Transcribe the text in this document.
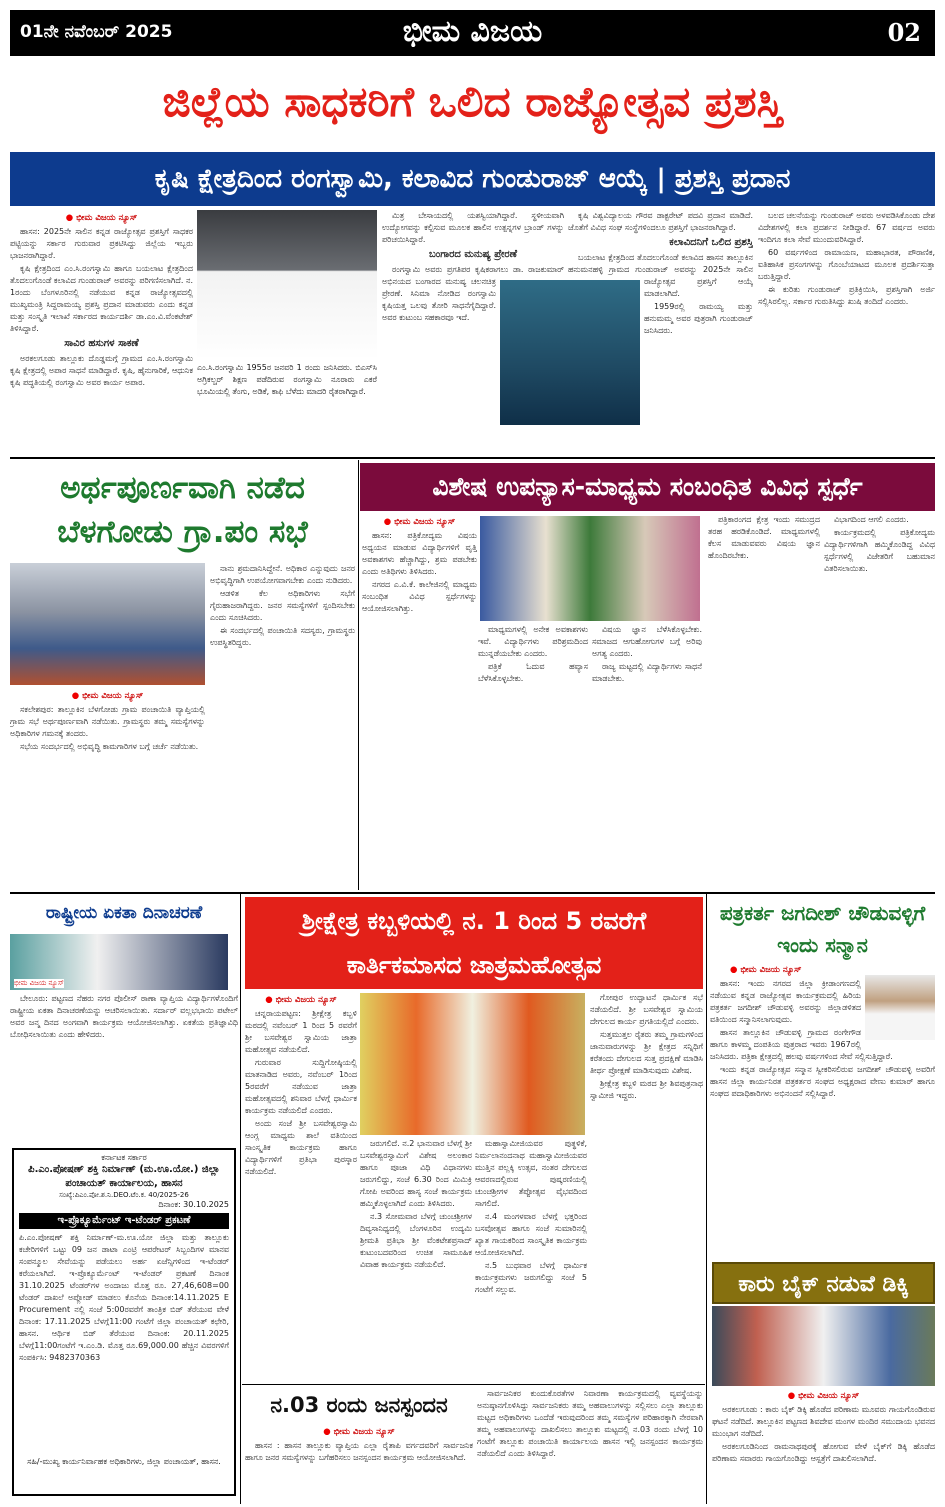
01ನೇ ನವೆಂಬರ್ 2025	ಭೀಮ ವಿಜಯ	02
ಜಿಲ್ಲೆಯ ಸಾಧಕರಿಗೆ ಒಲಿದ ರಾಜ್ಯೋತ್ಸವ ಪ್ರಶಸ್ತಿ
ಕೃಷಿ ಕ್ಷೇತ್ರದಿಂದ ರಂಗಸ್ವಾಮಿ, ಕಲಾವಿದ ಗುಂಡುರಾಜ್ ಆಯ್ಕೆ | ಪ್ರಶಸ್ತಿ ಪ್ರದಾನ
● ಭೀಮ ವಿಜಯ ನ್ಯೂಸ್

ಹಾಸನ: 2025ನೇ ಸಾಲಿನ ಕನ್ನಡ ರಾಜ್ಯೋತ್ಸವ ಪ್ರಶಸ್ತಿಗೆ ಸಾಧಕರ ಪಟ್ಟಿಯನ್ನು ಸರ್ಕಾರ ಗುರುವಾರ ಪ್ರಕಟಿಸಿದ್ದು ಜಿಲ್ಲೆಯ ಇಬ್ಬರು ಭಾಜನರಾಗಿದ್ದಾರೆ.

ಕೃಷಿ ಕ್ಷೇತ್ರದಿಂದ ಎಂ.ಸಿ.ರಂಗಸ್ವಾಮಿ ಹಾಗೂ ಬಯಲಾಟ ಕ್ಷೇತ್ರದಿಂದ ತೊದಲುಗೊಂಡೆ ಕಲಾವಿದ ಗುಂಡುರಾಜ್ ಅವರನ್ನು ಪರಿಗಣಿಸಲಾಗಿದೆ. ನ. 1ರಂದು ಬೆಂಗಳೂರಿನಲ್ಲಿ ನಡೆಯುವ ಕನ್ನಡ ರಾಜ್ಯೋತ್ಸವದಲ್ಲಿ ಮುಖ್ಯಮಂತ್ರಿ ಸಿದ್ದರಾಮಯ್ಯ ಪ್ರಶಸ್ತಿ ಪ್ರದಾನ ಮಾಡುವರು ಎಂದು ಕನ್ನಡ ಮತ್ತು ಸಂಸ್ಕೃತಿ ಇಲಾಖೆ ಸರ್ಕಾರದ ಕಾರ್ಯದರ್ಶಿ ಡಾ.ಎಂ.ವಿ.ವೆಂಕಟೇಶ್ ತಿಳಿಸಿದ್ದಾರೆ.

ಸಾವಿರ ಹಸುಗಳ ಸಾಕಣೆ

ಅರಕಲಗೂಡು ತಾಲ್ಲೂಕು ದೊಡ್ಡಮಗ್ಗೆ ಗ್ರಾಮದ ಎಂ.ಸಿ.ರಂಗಸ್ವಾಮಿ ಕೃಷಿ ಕ್ಷೇತ್ರದಲ್ಲಿ ಅಪಾರ ಸಾಧನೆ ಮಾಡಿದ್ದಾರೆ. ಕೃಷಿ, ಹೈನುಗಾರಿಕೆ, ಆಧುನಿಕ ಕೃಷಿ ಪದ್ಧತಿಯಲ್ಲಿ ರಂಗಸ್ವಾಮಿ ಅವರ ಕಾರ್ಯ ಅಪಾರ.

ಎಂ.ಸಿ.ರಂಗಸ್ವಾಮಿ 1955ರ ಜನವರಿ 1 ರಂದು ಜನಿಸಿದರು. ಬಿಎಸ್‌ಸಿ ಅಗ್ರಿಕಲ್ಚರ್ ಶಿಕ್ಷಣ ಪಡೆದಿರುವ ರಂಗಸ್ವಾಮಿ ನೂರಾರು ಎಕರೆ ಭೂಮಿಯಲ್ಲಿ ತೆಂಗು, ಅಡಿಕೆ, ಕಾಫಿ ಬೆಳೆದು ಮಾದರಿ ರೈತರಾಗಿದ್ದಾರೆ.

ಮಿತ್ರ ಬೇಸಾಯದಲ್ಲಿ ಯಶಸ್ವಿಯಾಗಿದ್ದಾರೆ. ಸ್ಥಳೀಯವಾಗಿ ಉದ್ಯೋಗವನ್ನು ಕಲ್ಪಿಸುವ ಮೂಲಕ ಹಾಲಿನ ಉತ್ಪನ್ನಗಳ ಬ್ರಾಂಡ್ ಗಳನ್ನು ಪರಿಚಯಿಸಿದ್ದಾರೆ.

ಬಂಗಾರದ ಮನುಷ್ಯ ಪ್ರೇರಣೆ

ರಂಗಸ್ವಾಮಿ ಅವರು ಪ್ರಗತಿಪರ ಕೃಷಿಕರಾಗಲು ಡಾ. ರಾಜಕುಮಾರ್ ಅಭಿನಯದ ಬಂಗಾರದ ಮನುಷ್ಯ ಚಲನಚಿತ್ರ ಪ್ರೇರಣೆ. ಸಿನಿಮಾ ನೋಡಿದ ರಂಗಸ್ವಾಮಿ ಕೃಷಿಯತ್ತ ಒಲವು ತೋರಿ ಸಾಧನೆಗೈದಿದ್ದಾರೆ. ಅವರ ಕುಟುಂಬ ಸಹಕಾರವೂ ಇದೆ.

ಕೃಷಿ ವಿಶ್ವವಿದ್ಯಾಲಯ ಗೌರವ ಡಾಕ್ಟರೇಟ್ ಪದವಿ ಪ್ರದಾನ ಮಾಡಿದೆ. ಜೊತೆಗೆ ವಿವಿಧ ಸಂಘ ಸಂಸ್ಥೆಗಳಿಂದಲೂ ಪ್ರಶಸ್ತಿಗೆ ಭಾಜನರಾಗಿದ್ದಾರೆ.

ಕಲಾವಿದನಿಗೆ ಒಲಿದ ಪ್ರಶಸ್ತಿ

ಬಯಲಾಟ ಕ್ಷೇತ್ರದಿಂದ ತೊದಲುಗೊಂಡೆ ಕಲಾವಿದ ಹಾಸನ ತಾಲ್ಲೂಕಿನ ಹನುಮನಹಳ್ಳಿ ಗ್ರಾಮದ ಗುಂಡುರಾಜ್ ಅವರನ್ನು 2025ನೇ ಸಾಲಿನ ರಾಜ್ಯೋತ್ಸವ ಪ್ರಶಸ್ತಿಗೆ ಆಯ್ಕೆ ಮಾಡಲಾಗಿದೆ.

1959ರಲ್ಲಿ ರಾಮಯ್ಯ ಮತ್ತು ಹನುಮಮ್ಮ ಅವರ ಪುತ್ರರಾಗಿ ಗುಂಡುರಾಜ್ ಜನಿಸಿದರು.

ಬಲದ ಚಲನೆಯನ್ನು ಗುಂಡುರಾಜ್ ಅವರು ಅಳವಡಿಸಿಕೊಂಡು ದೇಶ ವಿದೇಶಗಳಲ್ಲಿ ಕಲಾ ಪ್ರದರ್ಶನ ನೀಡಿದ್ದಾರೆ. 67 ವರ್ಷದ ಅವರು ಇಂದಿಗೂ ಕಲಾ ಸೇವೆ ಮುಂದುವರಿಸಿದ್ದಾರೆ.

60 ವರ್ಷಗಳಿಂದ ರಾಮಾಯಣ, ಮಹಾಭಾರತ, ಪೌರಾಣಿಕ, ಐತಿಹಾಸಿಕ ಪ್ರಸಂಗಗಳನ್ನು ಗೊಂಬೆಯಾಟದ ಮೂಲಕ ಪ್ರದರ್ಶಿಸುತ್ತಾ ಬರುತ್ತಿದ್ದಾರೆ.

ಈ ಕುರಿತು ಗುಂಡುರಾಜ್ ಪ್ರತಿಕ್ರಿಯಿಸಿ, ಪ್ರಶಸ್ತಿಗಾಗಿ ಅರ್ಜಿ ಸಲ್ಲಿಸಿರಲಿಲ್ಲ. ಸರ್ಕಾರ ಗುರುತಿಸಿದ್ದು ಖುಷಿ ತಂದಿದೆ ಎಂದರು.

ಅರ್ಥಪೂರ್ಣವಾಗಿ ನಡೆದ ಬೆಳಗೋಡು ಗ್ರಾ.ಪಂ ಸಭೆ
● ಭೀಮ ವಿಜಯ ನ್ಯೂಸ್

ಸಕಲೇಶಪುರ: ತಾಲ್ಲೂಕಿನ ಬೆಳಗೋಡು ಗ್ರಾಮ ಪಂಚಾಯಿತಿ ವ್ಯಾಪ್ತಿಯಲ್ಲಿ ಗ್ರಾಮ ಸಭೆ ಅರ್ಥಪೂರ್ಣವಾಗಿ ನಡೆಯಿತು. ಗ್ರಾಮಸ್ಥರು ತಮ್ಮ ಸಮಸ್ಯೆಗಳನ್ನು ಅಧಿಕಾರಿಗಳ ಗಮನಕ್ಕೆ ತಂದರು.

ಸಭೆಯ ಸಂದರ್ಭದಲ್ಲಿ ಅಭಿವೃದ್ಧಿ ಕಾಮಗಾರಿಗಳ ಬಗ್ಗೆ ಚರ್ಚೆ ನಡೆಯಿತು.

ನಾನು ಶ್ರಮದಾನಿಸಿದ್ದೇನೆ. ಅಧಿಕಾರ ಎನ್ನುವುದು ಜನರ ಅಭಿವೃದ್ಧಿಗಾಗಿ ಉಪಯೋಗವಾಗಬೇಕು ಎಂದು ನುಡಿದರು.

ಆಡಳಿತ ಕೆಲ ಅಧಿಕಾರಿಗಳು ಸಭೆಗೆ ಗೈರುಹಾಜರಾಗಿದ್ದರು. ಜನರ ಸಮಸ್ಯೆಗಳಿಗೆ ಸ್ಪಂದಿಸಬೇಕು ಎಂದು ಸೂಚಿಸಿದರು.

ಈ ಸಂದರ್ಭದಲ್ಲಿ ಪಂಚಾಯಿತಿ ಸದಸ್ಯರು, ಗ್ರಾಮಸ್ಥರು ಉಪಸ್ಥಿತರಿದ್ದರು.

ವಿಶೇಷ ಉಪನ್ಯಾಸ-ಮಾಧ್ಯಮ ಸಂಬಂಧಿತ ವಿವಿಧ ಸ್ಪರ್ಧೆ
● ಭೀಮ ವಿಜಯ ನ್ಯೂಸ್

ಹಾಸನ: ಪತ್ರಿಕೋದ್ಯಮ ವಿಷಯ ಅಧ್ಯಯನ ಮಾಡುವ ವಿದ್ಯಾರ್ಥಿಗಳಿಗೆ ವೃತ್ತಿ ಅವಕಾಶಗಳು ಹೆಚ್ಚಾಗಿದ್ದು, ಶ್ರಮ ಪಡಬೇಕು ಎಂದು ಅತಿಥಿಗಳು ತಿಳಿಸಿದರು.

ನಗರದ ಎ.ವಿ.ಕೆ. ಕಾಲೇಜಿನಲ್ಲಿ ಮಾಧ್ಯಮ ಸಂಬಂಧಿತ ವಿವಿಧ ಸ್ಪರ್ಧೆಗಳನ್ನು ಆಯೋಜಿಸಲಾಗಿತ್ತು.

ಮಾಧ್ಯಮಗಳಲ್ಲಿ ಅನೇಕ ಅವಕಾಶಗಳು ಇವೆ. ವಿದ್ಯಾರ್ಥಿಗಳು ಪರಿಶ್ರಮದಿಂದ ಮುನ್ನಡೆಯಬೇಕು ಎಂದರು.

ಪತ್ರಿಕೆ ಓದುವ ಹವ್ಯಾಸ ಬೆಳೆಸಿಕೊಳ್ಳಬೇಕು.

ವಿಷಯ ಜ್ಞಾನ ಬೆಳೆಸಿಕೊಳ್ಳಬೇಕು. ಸಮಾಜದ ಆಗುಹೋಗುಗಳ ಬಗ್ಗೆ ಅರಿವು ಅಗತ್ಯ ಎಂದರು.

ರಾಜ್ಯ ಮಟ್ಟದಲ್ಲಿ ವಿದ್ಯಾರ್ಥಿಗಳು ಸಾಧನೆ ಮಾಡಬೇಕು.

ಪತ್ರಿಕಾರಂಗದ ಕ್ಷೇತ್ರ ಇಂದು ಸಮುದ್ರದ ತರಹ ಹರಡಿಕೊಂಡಿದೆ. ಮಾಧ್ಯಮಗಳಲ್ಲಿ ಕೆಲಸ ಮಾಡುವವರು ವಿಷಯ ಜ್ಞಾನ ಹೊಂದಿರಬೇಕು.

ವಿಭಾಗದಿಂದ ಆಗಲಿ ಎಂದರು.

ಕಾರ್ಯಕ್ರಮದಲ್ಲಿ ಪತ್ರಿಕೋದ್ಯಮ ವಿದ್ಯಾರ್ಥಿಗಳಿಗಾಗಿ ಹಮ್ಮಿಕೊಂಡಿದ್ದ ವಿವಿಧ ಸ್ಪರ್ಧೆಗಳಲ್ಲಿ ವಿಜೇತರಿಗೆ ಬಹುಮಾನ ವಿತರಿಸಲಾಯಿತು.

ರಾಷ್ಟ್ರೀಯ ಏಕತಾ ದಿನಾಚರಣೆ
ಭೀಮ ವಿಜಯ ನ್ಯೂಸ್

ಬೇಲೂರು: ಪಟ್ಟಣದ ನೆಹರು ನಗರ ಪೊಲೀಸ್ ಠಾಣಾ ವ್ಯಾಪ್ತಿಯ ವಿದ್ಯಾರ್ಥಿಗಳೊಂದಿಗೆ ರಾಷ್ಟ್ರೀಯ ಏಕತಾ ದಿನಾಚರಣೆಯನ್ನು ಆಚರಿಸಲಾಯಿತು. ಸರ್ದಾರ್ ವಲ್ಲಭಭಾಯಿ ಪಟೇಲ್ ಅವರ ಜನ್ಮ ದಿನದ ಅಂಗವಾಗಿ ಕಾರ್ಯಕ್ರಮ ಆಯೋಜಿಸಲಾಗಿತ್ತು. ಏಕತೆಯ ಪ್ರತಿಜ್ಞಾವಿಧಿ ಬೋಧಿಸಲಾಯಿತು ಎಂದು ಹೇಳಿದರು.

ಕರ್ನಾಟಕ ಸರ್ಕಾರ
ಪಿ.ಎಂ.ಪೋಷಣ್ ಶಕ್ತಿ ನಿರ್ಮಾಣ್ (ಮ.ಊ.ಯೋ.) ಜಿಲ್ಲಾ ಪಂಚಾಯತ್ ಕಾರ್ಯಾಲಯ, ಹಾಸನ
ಸಂಖ್ಯೆ:ಪಿಎಂ.ಪೋ.ಶ.ನಿ.DEO.ಟೆಂ.ಕ. 40/2025-26
ದಿನಾಂಕ: 30.10.2025
ಇ-ಪ್ರೊಕ್ಯೂರ್ಮೆಂಟ್ ಇ-ಟೆಂಡರ್ ಪ್ರಕಟಣೆ
ಪಿ.ಎಂ.ಪೋಷಣ್ ಶಕ್ತಿ ನಿರ್ಮಾಣ್-ಮ.ಊ.ಯೋ ಜಿಲ್ಲಾ ಮತ್ತು ತಾಲ್ಲೂಕು ಕಚೇರಿಗಳಿಗೆ ಒಟ್ಟು 09 ಜನ ಡಾಟಾ ಎಂಟ್ರಿ ಆಪರೇಟರ್ ಸಿಬ್ಬಂದಿಗಳ ಮಾನವ ಸಂಪನ್ಮೂಲ ಸೇವೆಯನ್ನು ಪಡೆಯಲು ಅರ್ಹ ಏಜೆನ್ಸಿಗಳಿಂದ ಇ-ಟೆಂಡರ್ ಕರೆಯಲಾಗಿದೆ. ಇ-ಪ್ರೊಕ್ಯೂರ್ಮೆಂಟ್ ಇ-ಟೆಂಡರ್ ಪ್ರಕಟಣೆ ದಿನಾಂಕ 31.10.2025 ಟೆಂಡರ್‌ಗಳ ಅಂದಾಜು ಮೊತ್ತ ರೂ. 27,46,608=00 ಟೆಂಡರ್ ದಾಖಲೆ ಅಪ್ಲೋಡ್ ಮಾಡಲು ಕೊನೆಯ ದಿನಾಂಕ:14.11.2025 E Procurement ನಲ್ಲಿ ಸಂಜೆ 5:00ರವರೆಗೆ ತಾಂತ್ರಿಕ ಬಿಡ್ ತೆರೆಯುವ ವೇಳೆ ದಿನಾಂಕ: 17.11.2025 ಬೆಳಗ್ಗೆ11:00 ಗಂಟೆಗೆ ಜಿಲ್ಲಾ ಪಂಚಾಯತ್ ಕಛೇರಿ, ಹಾಸನ. ಆರ್ಥಿಕ ಬಿಡ್ ತೆರೆಯುವ ದಿನಾಂಕ: 20.11.2025 ಬೆಳಗ್ಗೆ11:00ಗಂಟೆಗೆ ಇ.ಎಂ.ಡಿ. ಮೊತ್ತ ರೂ.69,000.00 ಹೆಚ್ಚಿನ ವಿವರಗಳಿಗೆ ಸಂಪರ್ಕಿಸಿ: 9482370363
ಸಹಿ/-ಮುಖ್ಯ ಕಾರ್ಯನಿರ್ವಾಹಕ ಅಧಿಕಾರಿಗಳು, ಜಿಲ್ಲಾ ಪಂಚಾಯತ್, ಹಾಸನ.
ಶ್ರೀಕ್ಷೇತ್ರ ಕಬ್ಬಳಿಯಲ್ಲಿ ನ. 1 ರಿಂದ 5 ರವರೆಗೆ
ಕಾರ್ತಿಕಮಾಸದ ಜಾತ್ರಮಹೋತ್ಸವ
● ಭೀಮ ವಿಜಯ ನ್ಯೂಸ್

ಚನ್ನರಾಯಪಟ್ಟಣ: ಶ್ರೀಕ್ಷೇತ್ರ ಕಬ್ಬಳಿ ಮಠದಲ್ಲಿ ನವೆಂಬರ್ 1 ರಿಂದ 5 ರವರೆಗೆ ಶ್ರೀ ಬಸವೇಶ್ವರ ಸ್ವಾಮಿಯ ಜಾತ್ರಾ ಮಹೋತ್ಸವ ನಡೆಯಲಿದೆ.

ಗುರುವಾರ ಸುದ್ದಿಗೋಷ್ಠಿಯಲ್ಲಿ ಮಾತನಾಡಿದ ಅವರು, ನವೆಂಬರ್ 1ರಿಂದ 5ರವರೆಗೆ ನಡೆಯುವ ಜಾತ್ರಾ ಮಹೋತ್ಸವದಲ್ಲಿ ಶನಿವಾರ ಬೆಳಗ್ಗೆ ಧಾರ್ಮಿಕ ಕಾರ್ಯಕ್ರಮ ನಡೆಯಲಿದೆ ಎಂದರು.

ಅಂದು ಸಂಜೆ ಶ್ರೀ ಬಸವೇಶ್ವರಸ್ವಾಮಿ ಆಂಗ್ಲ ಮಾಧ್ಯಮ ಶಾಲೆ ವತಿಯಿಂದ ಸಾಂಸ್ಕೃತಿಕ ಕಾರ್ಯಕ್ರಮ ಹಾಗೂ ವಿದ್ಯಾರ್ಥಿಗಳಿಗೆ ಪ್ರತಿಭಾ ಪುರಸ್ಕಾರ ನಡೆಯಲಿದೆ.

ಜರುಗಲಿದೆ. ನ.2 ಭಾನುವಾರ ಬೆಳಗ್ಗೆ ಶ್ರೀ ಬಸವೇಶ್ವರಸ್ವಾಮಿಗೆ ವಿಶೇಷ ಅಲಂಕಾರ ಹಾಗೂ ಪೂಜಾ ವಿಧಿ ವಿಧಾನಗಳು ಜರುಗಲಿದ್ದು, ಸಂಜೆ 6.30 ರಿಂದ ಮಿಮಿಕ್ರಿ ಗೋಪಿ ಅವರಿಂದ ಹಾಸ್ಯ ಸಂಜೆ ಕಾರ್ಯಕ್ರಮ ಹಮ್ಮಿಕೊಳ್ಳಲಾಗಿದೆ ಎಂದು ತಿಳಿಸಿದರು.

ನ.3 ಸೋಮವಾರ ಬೆಳಗ್ಗೆ ಚುಂಚಶ್ರೀಗಳ ದಿವ್ಯಸಾನಿಧ್ಯದಲ್ಲಿ ಬೆಂಗಳೂರಿನ ಉದ್ಯಮಿ ಶ್ರೀಮತಿ ಪ್ರತಿಭಾ ಶ್ರೀ ವೆಂಕಟೇಶಪ್ರಸಾದ್ ಕುಟುಂಬದವರಿಂದ ಉಚಿತ ಸಾಮೂಹಿಕ ವಿವಾಹ ಕಾರ್ಯಕ್ರಮ ನಡೆಯಲಿದೆ.

ಮಹಾಸ್ವಾಮೀಜಿಯವರ ಪುತ್ಥಳಿಕೆ, ನಿರ್ಮಲಾನಂದನಾಥ ಮಹಾಸ್ವಾಮೀಜಿಯವರ ಮುತ್ತಿನ ಪಲ್ಲಕ್ಕಿ ಉತ್ಸವ, ನಂತರ ದೇಗುಲದ ಆವರಣದಲ್ಲಿರುವ ಪುಷ್ಕರಣಿಯಲ್ಲಿ ಚುಂಚಶ್ರೀಗಳ ತೆಪ್ಪೋತ್ಸವ ವೈಭವದಿಂದ ಸಾಗಲಿದೆ.

ನ.4 ಮಂಗಳವಾರ ಬೆಳಗ್ಗೆ ಭಕ್ತರಿಂದ ಬಸವೋತ್ಸವ ಹಾಗೂ ಸಂಜೆ ಸುಮಾರಿನಲ್ಲಿ ಖ್ಯಾತ ಗಾಯಕರಿಂದ ಸಾಂಸ್ಕೃತಿಕ ಕಾರ್ಯಕ್ರಮ ಆಯೋಜಿಸಲಾಗಿದೆ.

ನ.5 ಬುಧವಾರ ಬೆಳಗ್ಗೆ ಧಾರ್ಮಿಕ ಕಾರ್ಯಕ್ರಮಗಳು ಜರುಗಲಿದ್ದು ಸಂಜೆ 5 ಗಂಟೆಗೆ ಸಲ್ಲುವ.

ಗೋಪುರ ಉದ್ಘಾಟನೆ ಧಾರ್ಮಿಕ ಸಭೆ ನಡೆಯಲಿದೆ. ಶ್ರೀ ಬಸವೇಶ್ವರ ಸ್ವಾಮಿಯ ದೇಗುಲದ ಕಾರ್ಯ ಪ್ರಗತಿಯಲ್ಲಿದೆ ಎಂದರು.

ಸುತ್ತಮುತ್ತಲ ರೈತರು ತಮ್ಮ ಗ್ರಾಮಗಳಿಂದ ಜಾನುವಾರುಗಳನ್ನು ಶ್ರೀ ಕ್ಷೇತ್ರದ ಸನ್ನಿಧಿಗೆ ಕರೆತಂದು ದೇಗುಲದ ಸುತ್ತ ಪ್ರದಕ್ಷಿಣೆ ಮಾಡಿಸಿ ತೀರ್ಥ ಪ್ರೋಕ್ಷಣೆ ಮಾಡಿಸುವುದು ವಿಶೇಷ.

ಶ್ರೀಕ್ಷೇತ್ರ ಕಬ್ಬಳಿ ಮಠದ ಶ್ರೀ ಶಿವಪುತ್ರನಾಥ ಸ್ವಾಮೀಜಿ ಇದ್ದರು.

ನ.03 ರಂದು ಜನಸ್ಪಂದನ
● ಭೀಮ ವಿಜಯ ನ್ಯೂಸ್

ಹಾಸನ : ಹಾಸನ ತಾಲ್ಲೂಕು ವ್ಯಾಪ್ತಿಯ ಎಲ್ಲಾ ರೈತಾಪಿ ವರ್ಗದವರಿಗೆ ಸಾರ್ವಜನಿಕ ಹಾಗೂ ಜನರ ಸಮಸ್ಯೆಗಳನ್ನು ಬಗೆಹರಿಸಲು ಜನಸ್ಪಂದನ ಕಾರ್ಯಕ್ರಮ ಆಯೋಜಿಸಲಾಗಿದೆ.

ಸಾರ್ವಜನಿಕರ ಕುಂದುಕೊರತೆಗಳ ನಿವಾರಣಾ ಕಾರ್ಯಕ್ರಮದಲ್ಲಿ ವ್ಯವಸ್ಥೆಯನ್ನು ಅನುಷ್ಠಾನಗೊಳಿಸಿದ್ದು ಸಾರ್ವಜನಿಕರು ತಮ್ಮ ಅಹವಾಲುಗಳನ್ನು ಸಲ್ಲಿಸಲು ಎಲ್ಲಾ ತಾಲ್ಲೂಕು ಮಟ್ಟದ ಅಧಿಕಾರಿಗಳು ಒಂದೆಡೆ ಇರುವುದರಿಂದ ತಮ್ಮ ಸಮಸ್ಯೆಗಳ ಪರಿಹಾರಕ್ಕಾಗಿ ನೇರವಾಗಿ ತಮ್ಮ ಅಹವಾಲುಗಳನ್ನು ದಾಖಲಿಸಲು ತಾಲ್ಲೂಕು ಮಟ್ಟದಲ್ಲಿ ನ.03 ರಂದು ಬೆಳಗ್ಗೆ 10 ಗಂಟೆಗೆ ತಾಲ್ಲೂಕು ಪಂಚಾಯಿತಿ ಕಾರ್ಯಾಲಯ ಹಾಸನ ಇಲ್ಲಿ ಜನಸ್ಪಂದನ ಕಾರ್ಯಕ್ರಮ ನಡೆಯಲಿದೆ ಎಂದು ತಿಳಿಸಿದ್ದಾರೆ.

ಪತ್ರಕರ್ತ ಜಗದೀಶ್ ಚೌಡುವಳ್ಳಿಗೆ ಇಂದು ಸನ್ಮಾನ
● ಭೀಮ ವಿಜಯ ನ್ಯೂಸ್

ಹಾಸನ: ಇಂದು ನಗರದ ಜಿಲ್ಲಾ ಕ್ರೀಡಾಂಗಣದಲ್ಲಿ ನಡೆಯುವ ಕನ್ನಡ ರಾಜ್ಯೋತ್ಸವ ಕಾರ್ಯಕ್ರಮದಲ್ಲಿ ಹಿರಿಯ ಪತ್ರಕರ್ತ ಜಗದೀಶ್ ಚೌಡುವಳ್ಳಿ ಅವರನ್ನು ಜಿಲ್ಲಾಡಳಿತದ ವತಿಯಿಂದ ಸನ್ಮಾನಿಸಲಾಗುವುದು.

ಹಾಸನ ತಾಲ್ಲೂಕಿನ ಚೌಡುವಳ್ಳಿ ಗ್ರಾಮದ ರಂಗೇಗೌಡ ಹಾಗೂ ಕಾಳಮ್ಮ ದಂಪತಿಯ ಪುತ್ರರಾದ ಇವರು 1967ರಲ್ಲಿ ಜನಿಸಿದರು. ಪತ್ರಿಕಾ ಕ್ಷೇತ್ರದಲ್ಲಿ ಹಲವು ವರ್ಷಗಳಿಂದ ಸೇವೆ ಸಲ್ಲಿಸುತ್ತಿದ್ದಾರೆ.

ಇಂದು ಕನ್ನಡ ರಾಜ್ಯೋತ್ಸವ ಸನ್ಮಾನ ಸ್ವೀಕರಿಸಲಿರುವ ಜಗದೀಶ್ ಚೌಡುವಳ್ಳಿ ಅವರಿಗೆ ಹಾಸನ ಜಿಲ್ಲಾ ಕಾರ್ಯನಿರತ ಪತ್ರಕರ್ತರ ಸಂಘದ ಅಧ್ಯಕ್ಷರಾದ ವೇಣು ಕುಮಾರ್ ಹಾಗೂ ಸಂಘದ ಪದಾಧಿಕಾರಿಗಳು ಅಭಿನಂದನೆ ಸಲ್ಲಿಸಿದ್ದಾರೆ.

ಕಾರು ಬೈಕ್ ನಡುವೆ ಡಿಕ್ಕಿ
● ಭೀಮ ವಿಜಯ ನ್ಯೂಸ್

ಅರಕಲಗೂಡು : ಕಾರು ಬೈಕ್ ಡಿಕ್ಕಿ ಹೊಡೆದ ಪರಿಣಾಮ ಮೂವರು ಗಾಯಗೊಂಡಿರುವ ಘಟನೆ ನಡೆದಿದೆ. ತಾಲ್ಲೂಕಿನ ಪಟ್ಟಣದ ಶಿವದೇವ ಮಂಗಳ ಮಂದಿರ ಸಮುದಾಯ ಭವನದ ಮುಂಭಾಗ ನಡೆದಿದೆ.

ಅರಕಲಗೂಡಿನಿಂದ ರಾಮನಾಥಪುರಕ್ಕೆ ಹೋಗುವ ವೇಳೆ ಬೈಕ್‌ಗೆ ಡಿಕ್ಕಿ ಹೊಡೆದ ಪರಿಣಾಮ ಸವಾರರು ಗಾಯಗೊಂಡಿದ್ದು ಆಸ್ಪತ್ರೆಗೆ ದಾಖಲಿಸಲಾಗಿದೆ.
